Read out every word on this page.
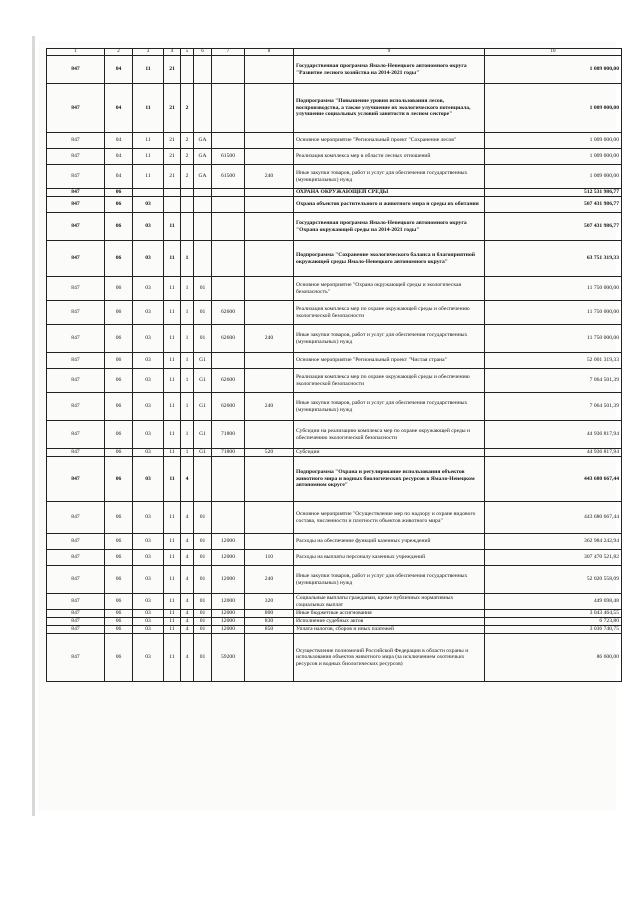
1	2	3	4	5	6	7	8	9	10
847	04	11	21					Государственная программа Ямало-Ненецкого автономного округа "Развитие лесного хозяйства на 2014-2021 годы"	1 009 000,00
847	04	11	21	2				Подпрограмма "Повышение уровня использования лесов, воспроизводства, а также улучшение их экологического потенциала, улучшение социальных условий занятости в лесном секторе"	1 009 000,00
847	04	11	21	2	GA			Основное мероприятие "Региональный проект "Сохранение лесов"	1 009 000,00
847	04	11	21	2	GA	61500		Реализация комплекса мер в области лесных отношений	1 009 000,00
847	04	11	21	2	GA	61500	240	Иные закупки товаров, работ и услуг для обеспечения государственных (муниципальных) нужд	1 009 000,00
847	06							ОХРАНА ОКРУЖАЮЩЕЙ СРЕДЫ	512 531 986,77
847	06	03						Охрана объектов растительного и животного мира и среды их обитания	507 431 986,77
847	06	03	11					Государственная программа Ямало-Ненецкого автономного округа "Охрана окружающей среды на 2014-2021 годы"	507 431 986,77
847	06	03	11	1				Подпрограмма "Сохранение экологического баланса и благоприятной окружающей среды Ямало-Ненецкого автономного округа"	63 751 319,33
847	06	03	11	1	01			Основное мероприятие "Охрана окружающей среды и экологическая безопасность"	11 750 000,00
847	06	03	11	1	01	62600		Реализация комплекса мер по охране окружающей среды и обеспечению экологической безопасности	11 750 000,00
847	06	03	11	1	01	62600	240	Иные закупки товаров, работ и услуг для обеспечения государственных (муниципальных) нужд	11 750 000,00
847	06	03	11	1	G1			Основное мероприятие "Региональный проект "Чистая страна"	52 001 319,33
847	06	03	11	1	G1	62600		Реализация комплекса мер по охране окружающей среды и обеспечению экологической безопасности	7 064 501,39
847	06	03	11	1	G1	62600	240	Иные закупки товаров, работ и услуг для обеспечения государственных (муниципальных) нужд	7 064 501,39
847	06	03	11	1	G1	71800		Субсидии на реализацию комплекса мер по охране окружающей среды и обеспечению экологической безопасности	44 936 817,94
847	06	03	11	1	G1	71800	520	Субсидии	44 936 817,94
847	06	03	11	4				Подпрограмма "Охрана и регулирование использования объектов животного мира и водных биологических ресурсов в Ямало-Ненецком автономном округе"	443 680 667,44
847	06	03	11	4	01			Основное мероприятие "Осуществление мер по надзору и охране видового состава, численности и плотности объектов животного мира"	443 680 667,44
847	06	03	11	4	01	12000		Расходы на обеспечение функций казенных учреждений	362 984 242,94
847	06	03	11	4	01	12000	110	Расходы на выплаты персоналу казенных учреждений	307 470 521,82
847	06	03	11	4	01	12000	240	Иные закупки товаров, работ и услуг для обеспечения государственных (муниципальных) нужд	52 020 558,09
847	06	03	11	4	01	12000	320	Социальные выплаты гражданам, кроме публичных нормативных социальных выплат	449 698,48
847	06	03	11	4	01	12000	800	Иные бюджетные ассигнования	3 043 464,55
847	06	03	11	4	01	12000	830	Исполнение судебных актов	6 723,80
847	06	03	11	4	01	12000	850	Уплата налогов, сборов и иных платежей	3 036 740,75
847	06	03	11	4	01	59200		Осуществление полномочий Российской Федерации в области охраны и использования объектов животного мира (за исключением охотничьих ресурсов и водных биологических ресурсов)	86 600,00
